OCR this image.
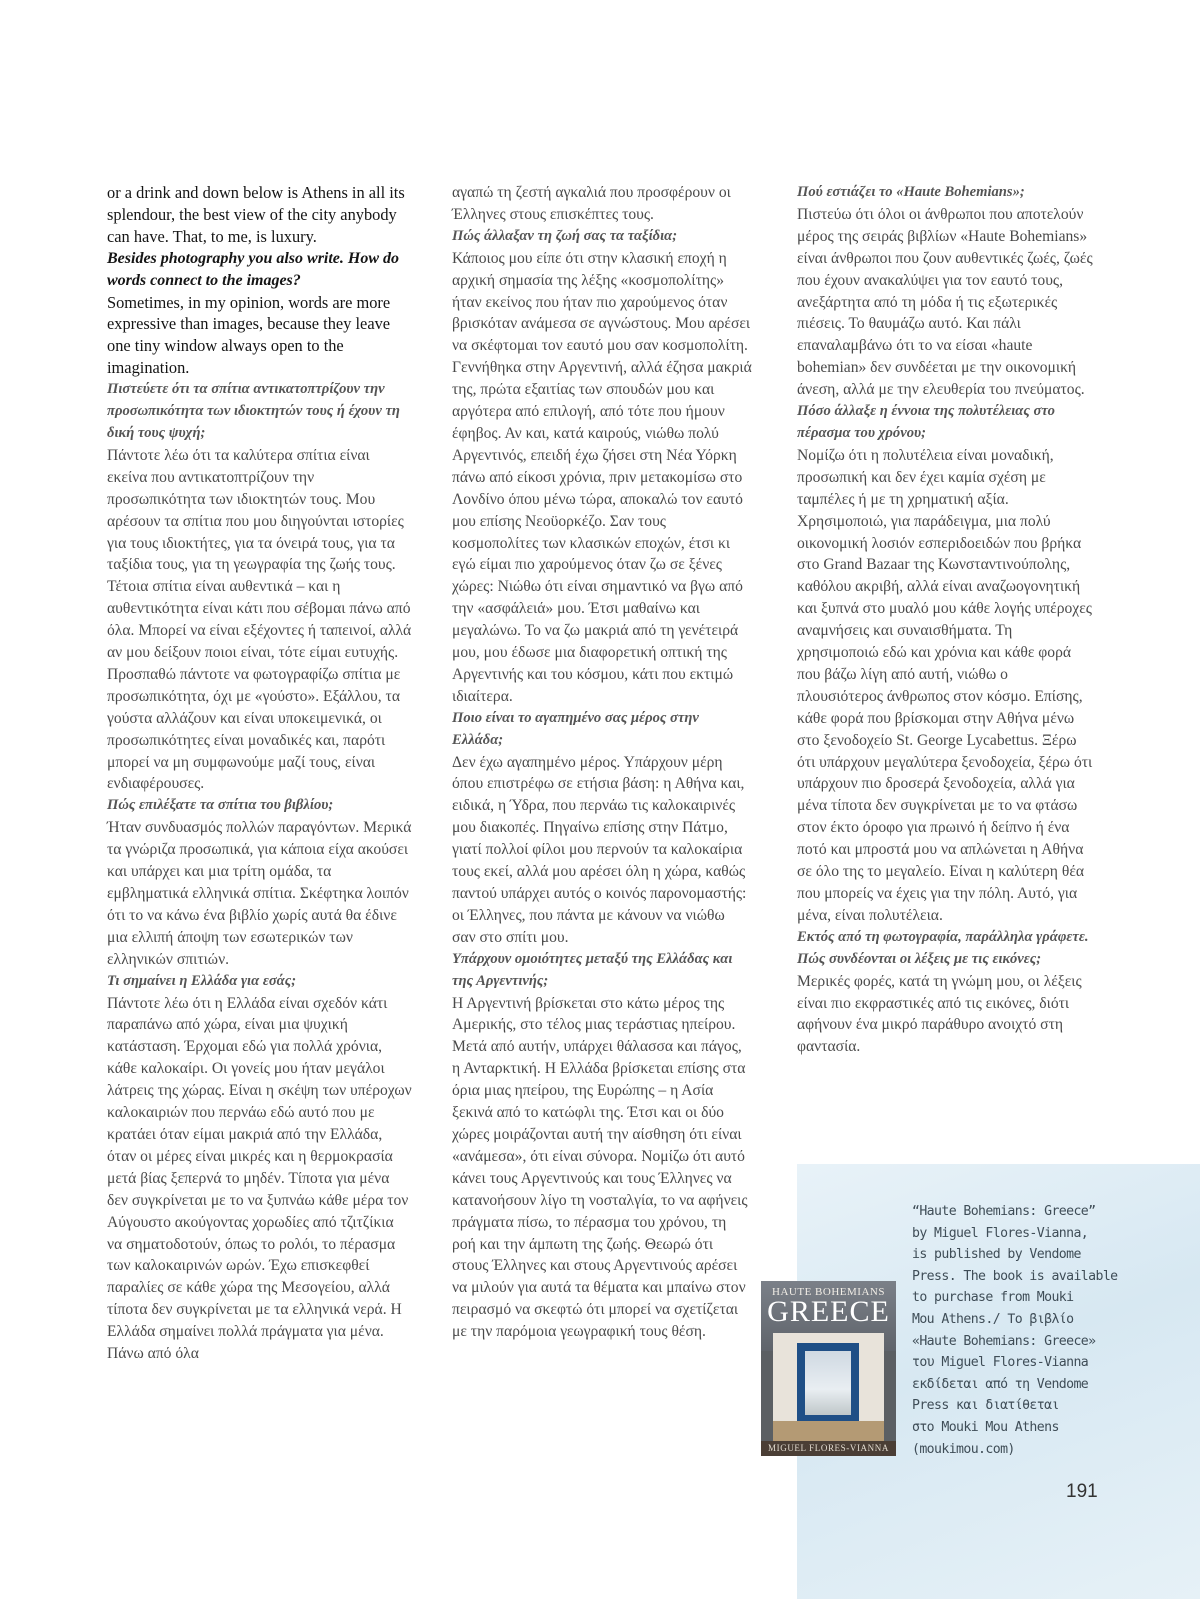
or a drink and down below is Athens in all its splendour, the best view of the city anybody can have. That, to me, is luxury.

Besides photography you also write. How do words connect to the images?

Sometimes, in my opinion, words are more expressive than images, because they leave one tiny window always open to the imagination.

Πιστεύετε ότι τα σπίτια αντικατοπτρίζουν την προσωπικότητα των ιδιοκτητών τους ή έχουν τη δική τους ψυχή;

Πάντοτε λέω ότι τα καλύτερα σπίτια είναι εκείνα που αντικατοπτρίζουν την προσωπικότητα των ιδιοκτητών τους. Μου αρέσουν τα σπίτια που μου διηγούνται ιστορίες για τους ιδιοκτήτες, για τα όνειρά τους, για τα ταξίδια τους, για τη γεωγραφία της ζωής τους. Τέτοια σπίτια είναι αυθεντικά – και η αυθεντικότητα είναι κάτι που σέβομαι πάνω από όλα. Μπορεί να είναι εξέχοντες ή ταπεινοί, αλλά αν μου δείξουν ποιοι είναι, τότε είμαι ευτυχής. Προσπαθώ πάντοτε να φωτογραφίζω σπίτια με προσωπικότητα, όχι με «γούστο». Εξάλλου, τα γούστα αλλάζουν και είναι υποκειμενικά, οι προσωπικότητες είναι μοναδικές και, παρότι μπορεί να μη συμφωνούμε μαζί τους, είναι ενδιαφέρουσες.

Πώς επιλέξατε τα σπίτια του βιβλίου;

Ήταν συνδυασμός πολλών παραγόντων. Μερικά τα γνώριζα προσωπικά, για κάποια είχα ακούσει και υπάρχει και μια τρίτη ομάδα, τα εμβληματικά ελληνικά σπίτια. Σκέφτηκα λοιπόν ότι το να κάνω ένα βιβλίο χωρίς αυτά θα έδινε μια ελλιπή άποψη των εσωτερικών των ελληνικών σπιτιών.

Τι σημαίνει η Ελλάδα για εσάς;

Πάντοτε λέω ότι η Ελλάδα είναι σχεδόν κάτι παραπάνω από χώρα, είναι μια ψυχική κατάσταση. Έρχομαι εδώ για πολλά χρόνια, κάθε καλοκαίρι. Οι γονείς μου ήταν μεγάλοι λάτρεις της χώρας. Είναι η σκέψη των υπέροχων καλοκαιριών που περνάω εδώ αυτό που με κρατάει όταν είμαι μακριά από την Ελλάδα, όταν οι μέρες είναι μικρές και η θερμοκρασία μετά βίας ξεπερνά το μηδέν. Τίποτα για μένα δεν συγκρίνεται με το να ξυπνάω κάθε μέρα τον Αύγουστο ακούγοντας χορωδίες από τζιτζίκια να σηματοδοτούν, όπως το ρολόι, το πέρασμα των καλοκαιρινών ωρών. Έχω επισκεφθεί παραλίες σε κάθε χώρα της Μεσογείου, αλλά τίποτα δεν συγκρίνεται με τα ελληνικά νερά. Η Ελλάδα σημαίνει πολλά πράγματα για μένα. Πάνω από όλα

αγαπώ τη ζεστή αγκαλιά που προσφέρουν οι Έλληνες στους επισκέπτες τους.

Πώς άλλαξαν τη ζωή σας τα ταξίδια;

Κάποιος μου είπε ότι στην κλασική εποχή η αρχική σημασία της λέξης «κοσμοπολίτης» ήταν εκείνος που ήταν πιο χαρούμενος όταν βρισκόταν ανάμεσα σε αγνώστους. Μου αρέσει να σκέφτομαι τον εαυτό μου σαν κοσμοπολίτη. Γεννήθηκα στην Αργεντινή, αλλά έζησα μακριά της, πρώτα εξαιτίας των σπουδών μου και αργότερα από επιλογή, από τότε που ήμουν έφηβος. Αν και, κατά καιρούς, νιώθω πολύ Αργεντινός, επειδή έχω ζήσει στη Νέα Υόρκη πάνω από είκοσι χρόνια, πριν μετακομίσω στο Λονδίνο όπου μένω τώρα, αποκαλώ τον εαυτό μου επίσης Νεοϋορκέζο. Σαν τους κοσμοπολίτες των κλασικών εποχών, έτσι κι εγώ είμαι πιο χαρούμενος όταν ζω σε ξένες χώρες: Νιώθω ότι είναι σημαντικό να βγω από την «ασφάλειά» μου. Έτσι μαθαίνω και μεγαλώνω. Το να ζω μακριά από τη γενέτειρά μου, μου έδωσε μια διαφορετική οπτική της Αργεντινής και του κόσμου, κάτι που εκτιμώ ιδιαίτερα.

Ποιο είναι το αγαπημένο σας μέρος στην Ελλάδα;

Δεν έχω αγαπημένο μέρος. Υπάρχουν μέρη όπου επιστρέφω σε ετήσια βάση: η Αθήνα και, ειδικά, η Ύδρα, που περνάω τις καλοκαιρινές μου διακοπές. Πηγαίνω επίσης στην Πάτμο, γιατί πολλοί φίλοι μου περνούν τα καλοκαίρια τους εκεί, αλλά μου αρέσει όλη η χώρα, καθώς παντού υπάρχει αυτός ο κοινός παρονομαστής: οι Έλληνες, που πάντα με κάνουν να νιώθω σαν στο σπίτι μου.

Υπάρχουν ομοιότητες μεταξύ της Ελλάδας και της Αργεντινής;

Η Αργεντινή βρίσκεται στο κάτω μέρος της Αμερικής, στο τέλος μιας τεράστιας ηπείρου. Μετά από αυτήν, υπάρχει θάλασσα και πάγος, η Ανταρκτική. Η Ελλάδα βρίσκεται επίσης στα όρια μιας ηπείρου, της Ευρώπης – η Ασία ξεκινά από το κατώφλι της. Έτσι και οι δύο χώρες μοιράζονται αυτή την αίσθηση ότι είναι «ανάμεσα», ότι είναι σύνορα. Νομίζω ότι αυτό κάνει τους Αργεντινούς και τους Έλληνες να κατανοήσουν λίγο τη νοσταλγία, το να αφήνεις πράγματα πίσω, το πέρασμα του χρόνου, τη ροή και την άμπωτη της ζωής. Θεωρώ ότι στους Έλληνες και στους Αργεντινούς αρέσει να μιλούν για αυτά τα θέματα και μπαίνω στον πειρασμό να σκεφτώ ότι μπορεί να σχετίζεται με την παρόμοια γεωγραφική τους θέση.

Πού εστιάζει το «Haute Bohemians»;

Πιστεύω ότι όλοι οι άνθρωποι που αποτελούν μέρος της σειράς βιβλίων «Haute Bohemians» είναι άνθρωποι που ζουν αυθεντικές ζωές, ζωές που έχουν ανακαλύψει για τον εαυτό τους, ανεξάρτητα από τη μόδα ή τις εξωτερικές πιέσεις. Το θαυμάζω αυτό. Και πάλι επαναλαμβάνω ότι το να είσαι «haute bohemian» δεν συνδέεται με την οικονομική άνεση, αλλά με την ελευθερία του πνεύματος.

Πόσο άλλαξε η έννοια της πολυτέλειας στο πέρασμα του χρόνου;

Νομίζω ότι η πολυτέλεια είναι μοναδική, προσωπική και δεν έχει καμία σχέση με ταμπέλες ή με τη χρηματική αξία. Χρησιμοποιώ, για παράδειγμα, μια πολύ οικονομική λοσιόν εσπεριδοειδών που βρήκα στο Grand Bazaar της Κωνσταντινούπολης, καθόλου ακριβή, αλλά είναι αναζωογονητική και ξυπνά στο μυαλό μου κάθε λογής υπέροχες αναμνήσεις και συναισθήματα. Τη χρησιμοποιώ εδώ και χρόνια και κάθε φορά που βάζω λίγη από αυτή, νιώθω ο πλουσιότερος άνθρωπος στον κόσμο. Επίσης, κάθε φορά που βρίσκομαι στην Αθήνα μένω στο ξενοδοχείο St. George Lycabettus. Ξέρω ότι υπάρχουν μεγαλύτερα ξενοδοχεία, ξέρω ότι υπάρχουν πιο δροσερά ξενοδοχεία, αλλά για μένα τίποτα δεν συγκρίνεται με το να φτάσω στον έκτο όροφο για πρωινό ή δείπνο ή ένα ποτό και μπροστά μου να απλώνεται η Αθήνα σε όλο της το μεγαλείο. Είναι η καλύτερη θέα που μπορείς να έχεις για την πόλη. Αυτό, για μένα, είναι πολυτέλεια.

Εκτός από τη φωτογραφία, παράλληλα γράφετε. Πώς συνδέονται οι λέξεις με τις εικόνες;

Μερικές φορές, κατά τη γνώμη μου, οι λέξεις είναι πιο εκφραστικές από τις εικόνες, διότι αφήνουν ένα μικρό παράθυρο ανοιχτό στη φαντασία.

HAUTE BOHEMIANS
GREECE
MIGUEL FLORES-VIANNA
“Haute Bohemians: Greece”
by Miguel Flores-Vianna,
is published by Vendome
Press. The book is available
to purchase from Mouki
Mou Athens./ Το βιβλίο
«Haute Bohemians: Greece»
του Miguel Flores-Vianna
εκδίδεται από τη Vendome
Press και διατίθεται
στο Mouki Mou Athens
(moukimou.com)
191
